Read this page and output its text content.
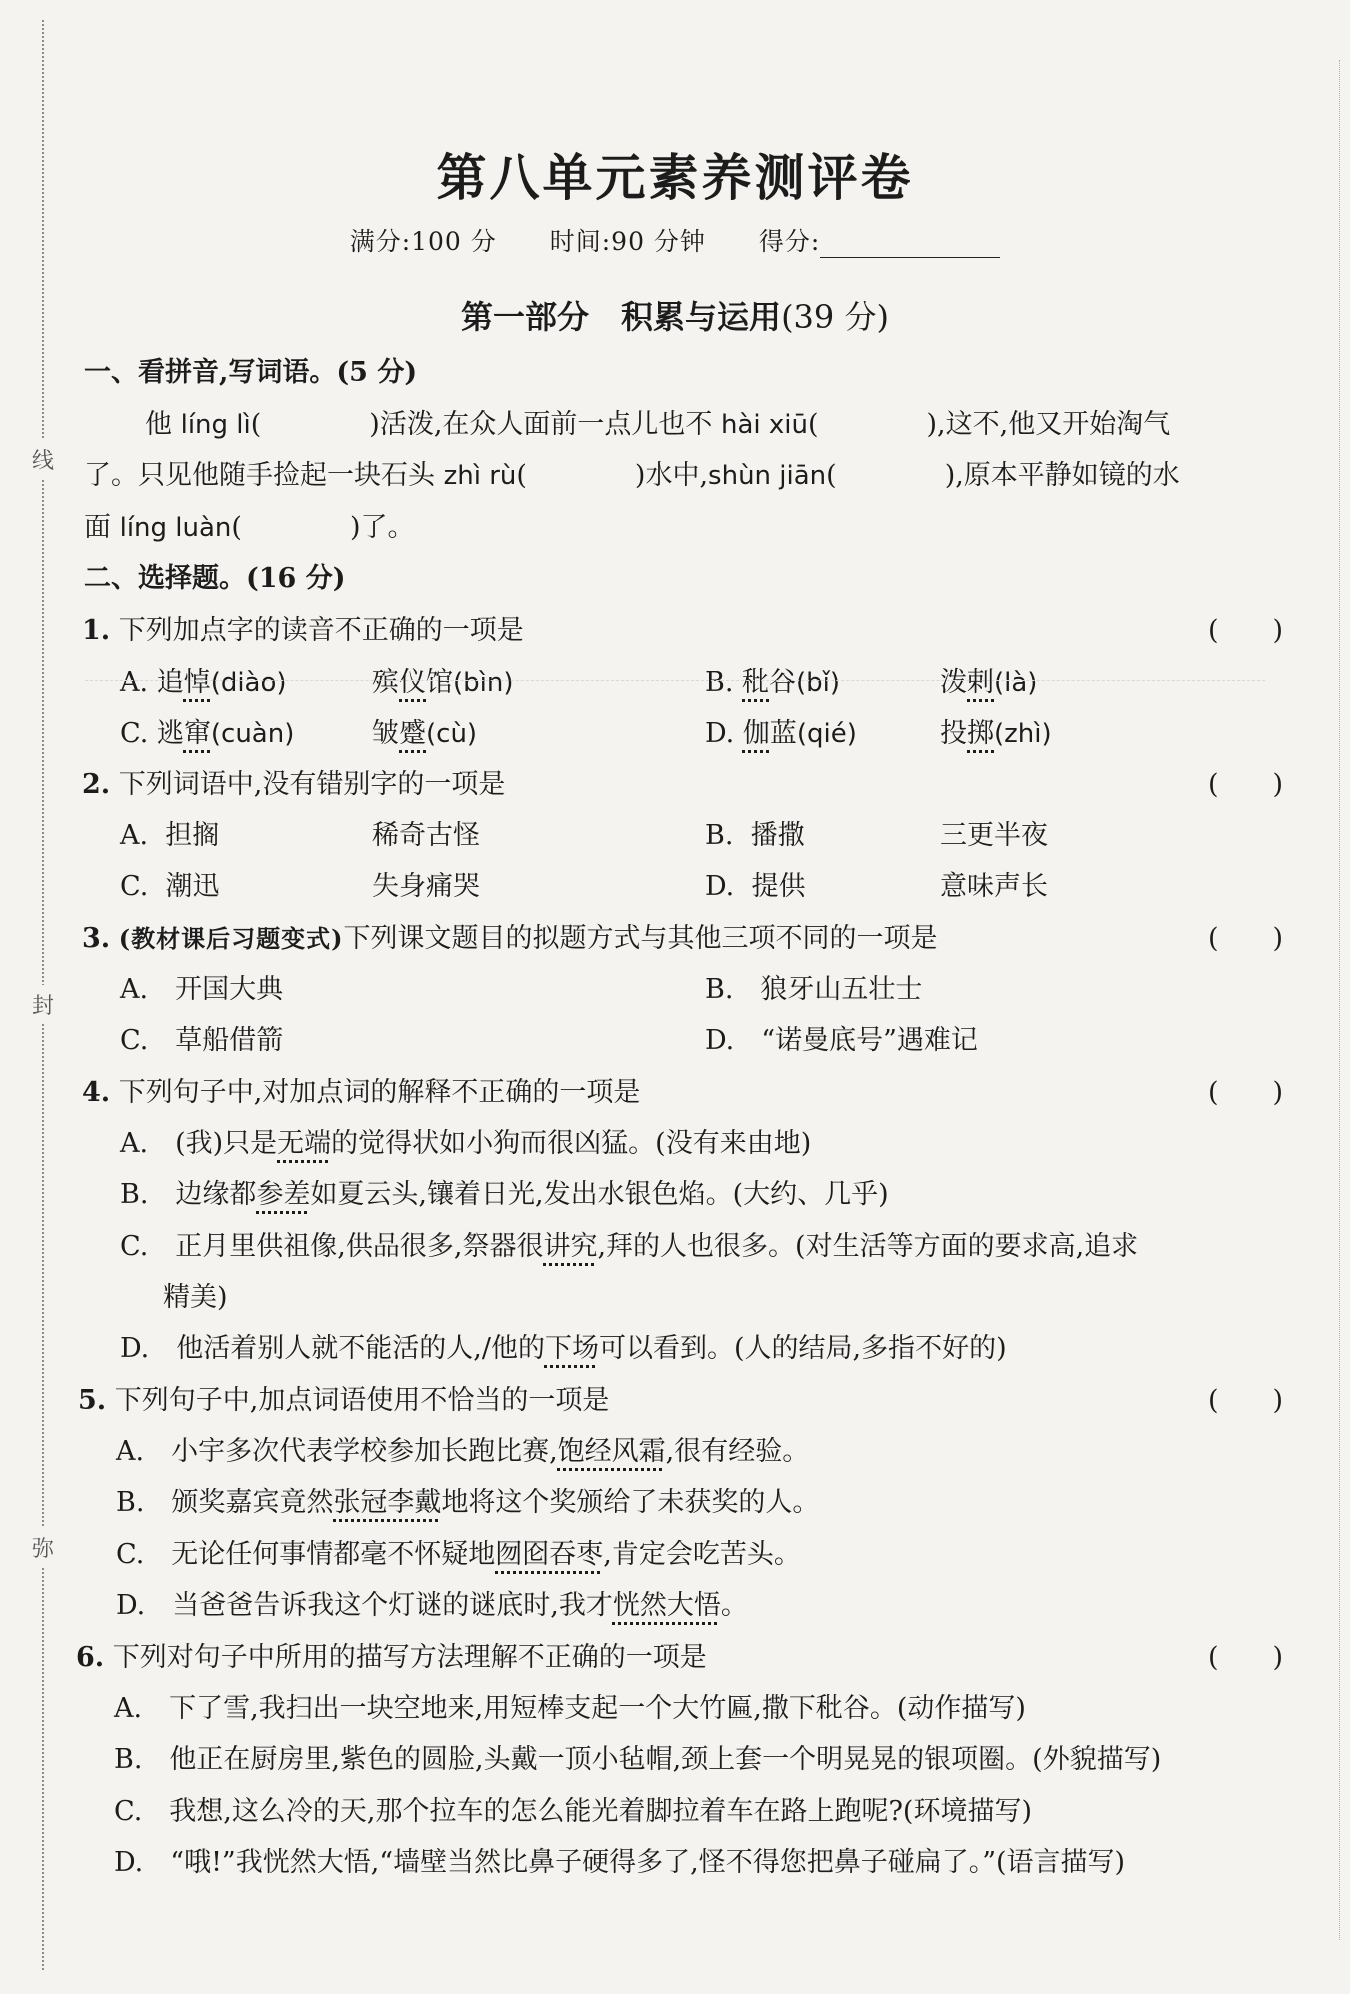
线
封
弥
第八单元素养测评卷
满分:100 分 时间:90 分钟 得分:
第一部分　积累与运用(39 分)
一、看拼音,写词语。(5 分)
他 líng lì(　　　　)活泼,在众人面前一点儿也不 hài xiū(　　　　),这不,他又开始淘气
了。只见他随手捡起一块石头 zhì rù(　　　　)水中,shùn jiān(　　　　),原本平静如镜的水
面 líng luàn(　　　　)了。
二、选择题。(16 分)
1. 下列加点字的读音不正确的一项是	(　　)
A. 追悼(diào)	殡仪馆(bìn)	B. 秕谷(bǐ)	泼剌(là)
C. 逃窜(cuàn)	皱蹙(cù)	D. 伽蓝(qié)	投掷(zhì)
2. 下列词语中,没有错别字的一项是	(　　)
A. 担搁	稀奇古怪	B. 播撒	三更半夜
C. 潮迅	失身痛哭	D. 提供	意味声长
3. (教材课后习题变式)下列课文题目的拟题方式与其他三项不同的一项是	(　　)
A.　开国大典	B.　狼牙山五壮士
C.　草船借箭	D.　“诺曼底号”遇难记
4. 下列句子中,对加点词的解释不正确的一项是	(　　)
A.　(我)只是无端的觉得状如小狗而很凶猛。(没有来由地)
B.　边缘都参差如夏云头,镶着日光,发出水银色焰。(大约、几乎)
C.　正月里供祖像,供品很多,祭器很讲究,拜的人也很多。(对生活等方面的要求高,追求
精美)
D.　他活着别人就不能活的人,/他的下场可以看到。(人的结局,多指不好的)
5. 下列句子中,加点词语使用不恰当的一项是	(　　)
A.　小宇多次代表学校参加长跑比赛,饱经风霜,很有经验。
B.　颁奖嘉宾竟然张冠李戴地将这个奖颁给了未获奖的人。
C.　无论任何事情都毫不怀疑地囫囵吞枣,肯定会吃苦头。
D.　当爸爸告诉我这个灯谜的谜底时,我才恍然大悟。
6. 下列对句子中所用的描写方法理解不正确的一项是	(　　)
A.　下了雪,我扫出一块空地来,用短棒支起一个大竹匾,撒下秕谷。(动作描写)
B.　他正在厨房里,紫色的圆脸,头戴一顶小毡帽,颈上套一个明晃晃的银项圈。(外貌描写)
C.　我想,这么冷的天,那个拉车的怎么能光着脚拉着车在路上跑呢?(环境描写)
D.　“哦!”我恍然大悟,“墙壁当然比鼻子硬得多了,怪不得您把鼻子碰扁了。”(语言描写)
